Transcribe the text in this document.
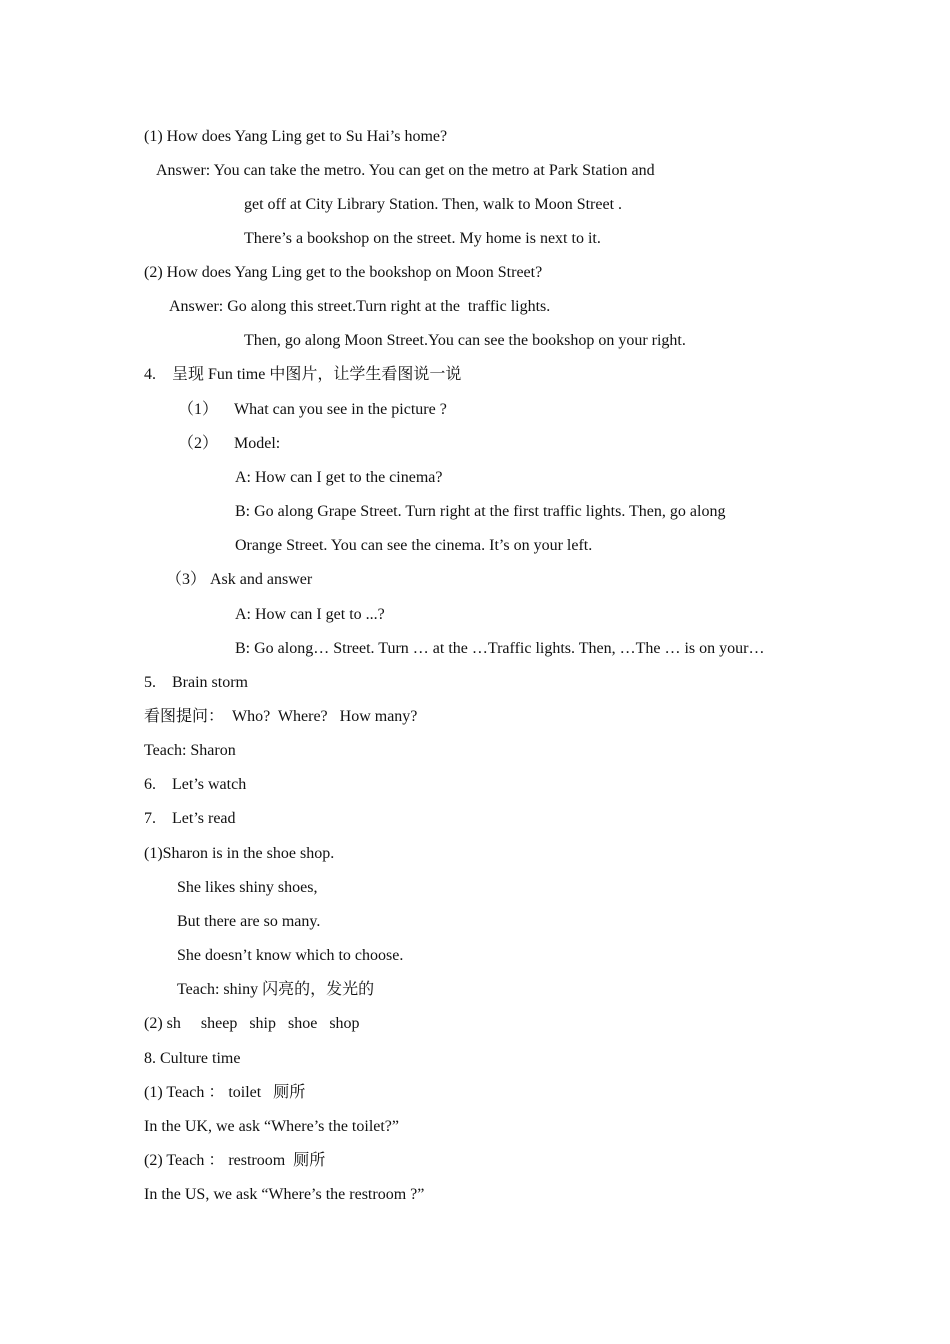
(1) How does Yang Ling get to Su Hai’s home?
Answer: You can take the metro. You can get on the metro at Park Station and
get off at City Library Station. Then, walk to Moon Street .
There’s a bookshop on the street. My home is next to it.
(2) How does Yang Ling get to the bookshop on Moon Street?
Answer: Go along this street.Turn right at the  traffic lights.
Then, go along Moon Street.You can see the bookshop on your right.
4.    呈现 Fun time 中图片，让学生看图说一说
（1）    What can you see in the picture ?
（2）    Model:
A: How can I get to the cinema?
B: Go along Grape Street. Turn right at the first traffic lights. Then, go along
Orange Street. You can see the cinema. It’s on your left.
（3） Ask and answer
A: How can I get to ...?
B: Go along… Street. Turn … at the …Traffic lights. Then, …The … is on your…
5.    Brain storm
看图提问：  Who?  Where?   How many?
Teach: Sharon
6.    Let’s watch
7.    Let’s read
(1)Sharon is in the shoe shop.
She likes shiny shoes,
But there are so many.
She doesn’t know which to choose.
Teach: shiny 闪亮的，发光的
(2) sh     sheep   ship   shoe   shop
8. Culture time
(1) Teach ： toilet   厕所
In the UK, we ask “Where’s the toilet?”
(2) Teach ： restroom  厕所
In the US, we ask “Where’s the restroom ?”
